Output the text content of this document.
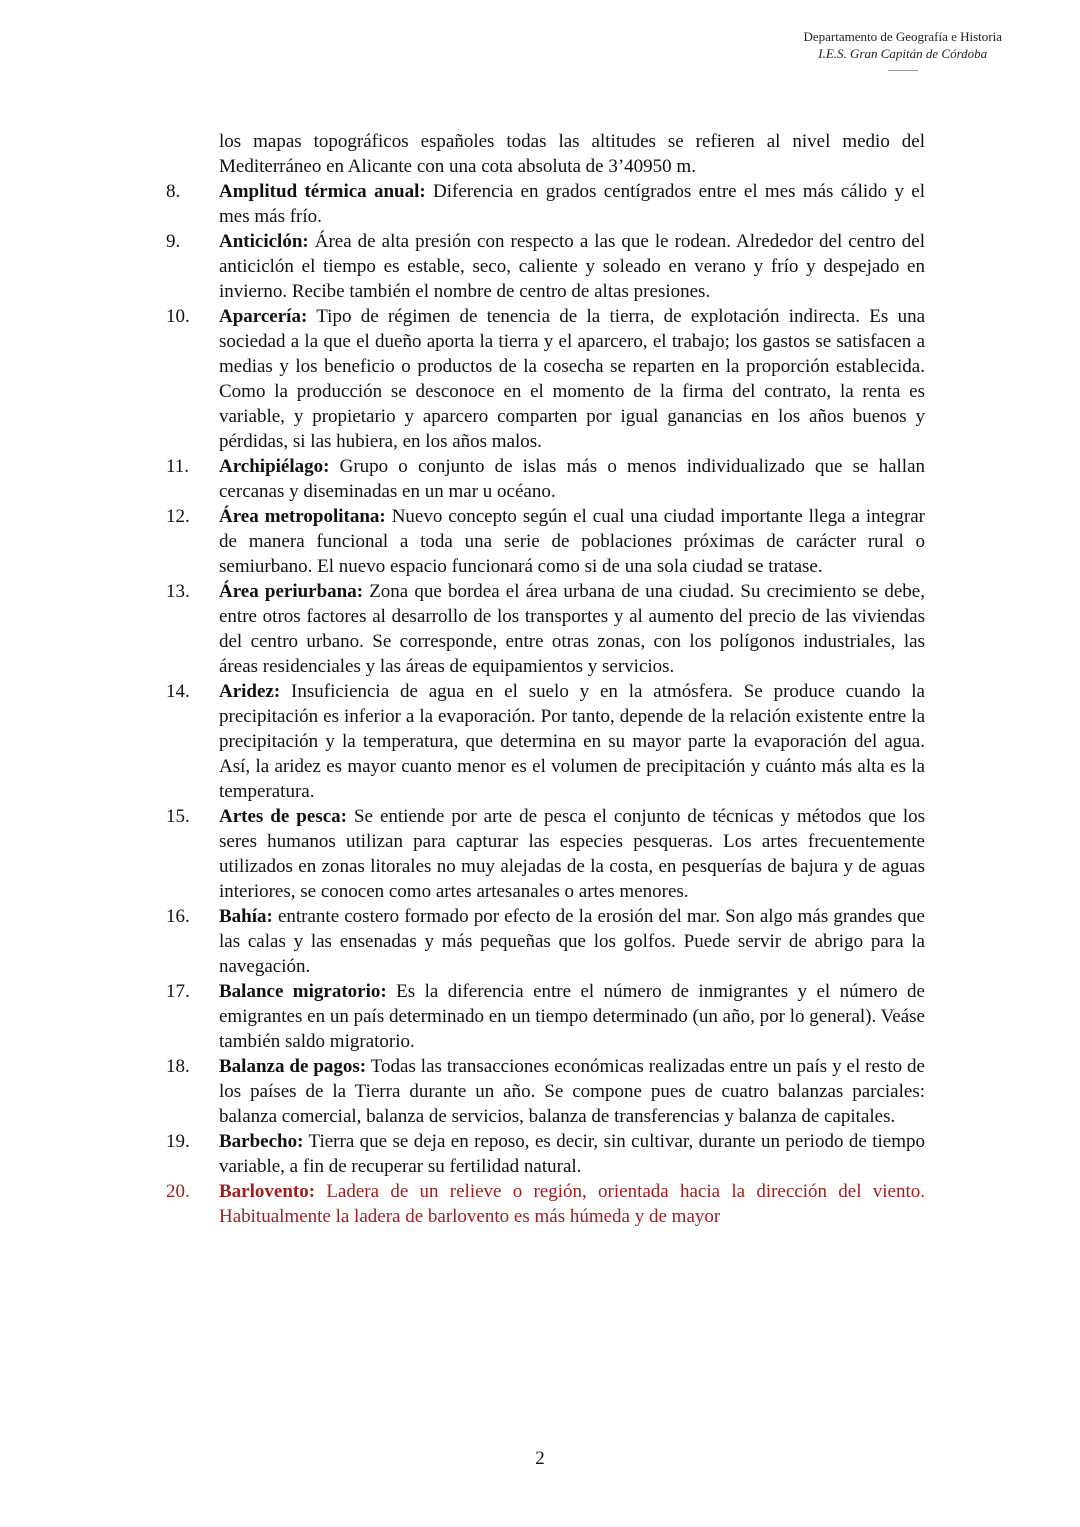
Departamento de Geografía e Historia
I.E.S. Gran Capitán de Córdoba
los mapas topográficos españoles todas las altitudes se refieren al nivel medio del Mediterráneo en Alicante con una cota absoluta de 3’40950 m.
8. Amplitud térmica anual: Diferencia en grados centígrados entre el mes más cálido y el mes más frío.
9. Anticiclón: Área de alta presión con respecto a las que le rodean. Alrededor del centro del anticiclón el tiempo es estable, seco, caliente y soleado en verano y frío y despejado en invierno. Recibe también el nombre de centro de altas presiones.
10. Aparcería: Tipo de régimen de tenencia de la tierra, de explotación indirecta. Es una sociedad a la que el dueño aporta la tierra y el aparcero, el trabajo; los gastos se satisfacen a medias y los beneficio o productos de la cosecha se reparten en la proporción establecida. Como la producción se desconoce en el momento de la firma del contrato, la renta es variable, y propietario y aparcero comparten por igual ganancias en los años buenos y pérdidas, si las hubiera, en los años malos.
11. Archipiélago: Grupo o conjunto de islas más o menos individualizado que se hallan cercanas y diseminadas en un mar u océano.
12. Área metropolitana: Nuevo concepto según el cual una ciudad importante llega a integrar de manera funcional a toda una serie de poblaciones próximas de carácter rural o semiurbano. El nuevo espacio funcionará como si de una sola ciudad se tratase.
13. Área periurbana: Zona que bordea el área urbana de una ciudad. Su crecimiento se debe, entre otros factores al desarrollo de los transportes y al aumento del precio de las viviendas del centro urbano. Se corresponde, entre otras zonas, con los polígonos industriales, las áreas residenciales y las áreas de equipamientos y servicios.
14. Aridez: Insuficiencia de agua en el suelo y en la atmósfera. Se produce cuando la precipitación es inferior a la evaporación. Por tanto, depende de la relación existente entre la precipitación y la temperatura, que determina en su mayor parte la evaporación del agua. Así, la aridez es mayor cuanto menor es el volumen de precipitación y cuánto más alta es la temperatura.
15. Artes de pesca: Se entiende por arte de pesca el conjunto de técnicas y métodos que los seres humanos utilizan para capturar las especies pesqueras. Los artes frecuentemente utilizados en zonas litorales no muy alejadas de la costa, en pesquerías de bajura y de aguas interiores, se conocen como artes artesanales o artes menores.
16. Bahía: entrante costero formado por efecto de la erosión del mar. Son algo más grandes que las calas y las ensenadas y más pequeñas que los golfos. Puede servir de abrigo para la navegación.
17. Balance migratorio: Es la diferencia entre el número de inmigrantes y el número de emigrantes en un país determinado en un tiempo determinado (un año, por lo general). Veáse también saldo migratorio.
18. Balanza de pagos: Todas las transacciones económicas realizadas entre un país y el resto de los países de la Tierra durante un año. Se compone pues de cuatro balanzas parciales: balanza comercial, balanza de servicios, balanza de transferencias y balanza de capitales.
19. Barbecho: Tierra que se deja en reposo, es decir, sin cultivar, durante un periodo de tiempo variable, a fin de recuperar su fertilidad natural.
20. Barlovento: Ladera de un relieve o región, orientada hacia la dirección del viento. Habitualmente la ladera de barlovento es más húmeda y de mayor
2
